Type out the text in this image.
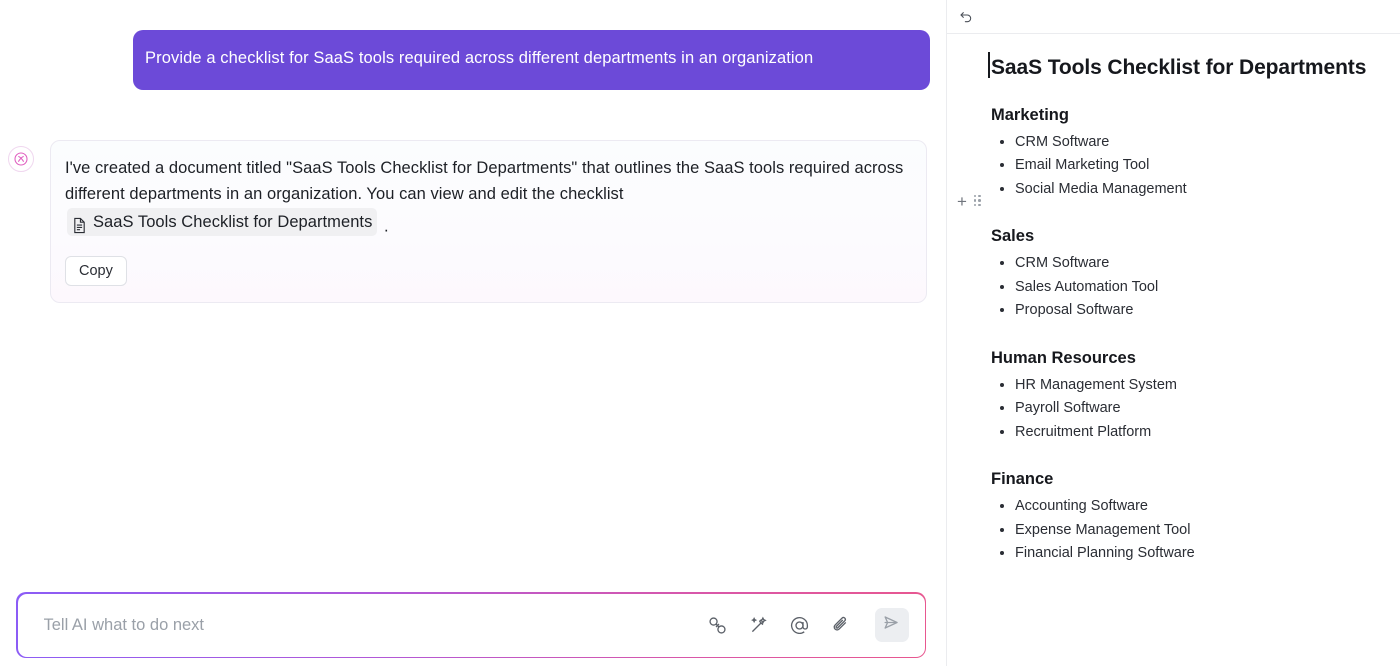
Provide a checklist for SaaS tools required across different departments in an organization
I've created a document titled "SaaS Tools Checklist for Departments" that outlines the SaaS tools required across different departments in an organization. You can view and edit the checklist
SaaS Tools Checklist for Departments .
Copy
Tell AI what to do next
SaaS Tools Checklist for Departments
Marketing
• CRM Software
• Email Marketing Tool
• Social Media Management
+
Sales
• CRM Software
• Sales Automation Tool
• Proposal Software
Human Resources
• HR Management System
• Payroll Software
• Recruitment Platform
Finance
• Accounting Software
• Expense Management Tool
• Financial Planning Software
